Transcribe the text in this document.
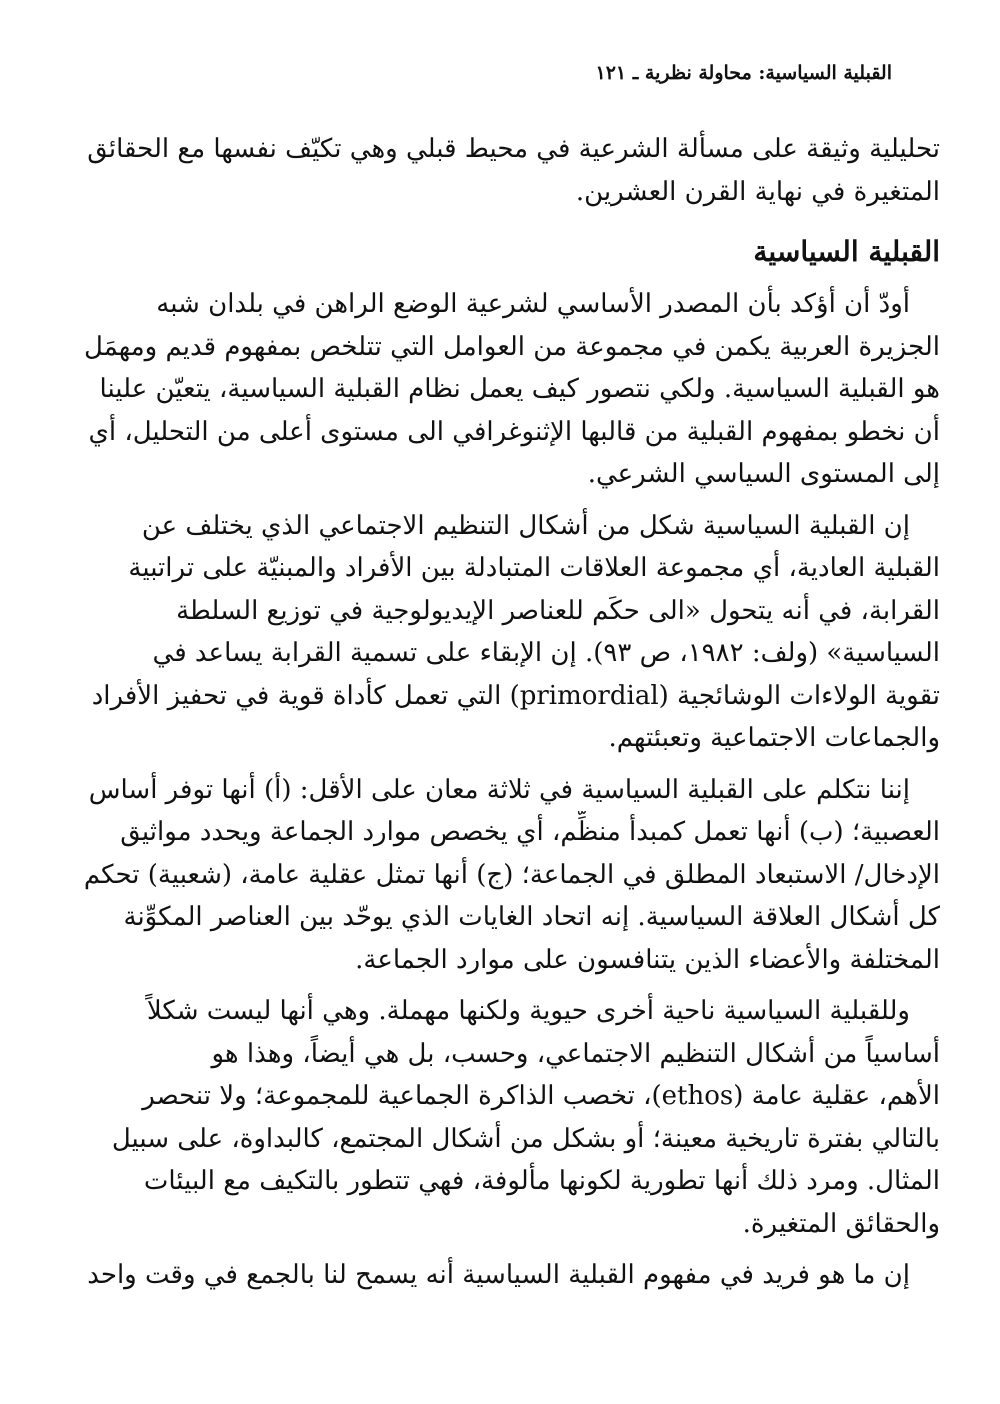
القبلية السياسية: محاولة نظرية ـ ١٢١

تحليلية وثيقة على مسألة الشرعية في محيط قبلي وهي تكيّف نفسها مع الحقائق
المتغيرة في نهاية القرن العشرين.

القبلية السياسية

أودّ أن أؤكد بأن المصدر الأساسي لشرعية الوضع الراهن في بلدان شبه
الجزيرة العربية يكمن في مجموعة من العوامل التي تتلخص بمفهوم قديم ومهمَل
هو القبلية السياسية. ولكي نتصور كيف يعمل نظام القبلية السياسية، يتعيّن علينا
أن نخطو بمفهوم القبلية من قالبها الإثنوغرافي الى مستوى أعلى من التحليل، أي
إلى المستوى السياسي الشرعي.

إن القبلية السياسية شكل من أشكال التنظيم الاجتماعي الذي يختلف عن
القبلية العادية، أي مجموعة العلاقات المتبادلة بين الأفراد والمبنيّة على تراتبية
القرابة، في أنه يتحول «الى حكَم للعناصر الإيديولوجية في توزيع السلطة
السياسية» (ولف: ١٩٨٢، ص ٩٣). إن الإبقاء على تسمية القرابة يساعد في
تقوية الولاءات الوشائجية (primordial) التي تعمل كأداة قوية في تحفيز الأفراد
والجماعات الاجتماعية وتعبئتهم.

إننا نتكلم على القبلية السياسية في ثلاثة معان على الأقل: (أ) أنها توفر أساس
العصبية؛ (ب) أنها تعمل كمبدأ منظِّم، أي يخصص موارد الجماعة ويحدد مواثيق
الإدخال/ الاستبعاد المطلق في الجماعة؛ (ج) أنها تمثل عقلية عامة، (شعبية) تحكم
كل أشكال العلاقة السياسية. إنه اتحاد الغايات الذي يوحّد بين العناصر المكوِّنة
المختلفة والأعضاء الذين يتنافسون على موارد الجماعة.

وللقبلية السياسية ناحية أخرى حيوية ولكنها مهملة. وهي أنها ليست شكلاً
أساسياً من أشكال التنظيم الاجتماعي، وحسب، بل هي أيضاً، وهذا هو
الأهم، عقلية عامة (ethos)، تخصب الذاكرة الجماعية للمجموعة؛ ولا تنحصر
بالتالي بفترة تاريخية معينة؛ أو بشكل من أشكال المجتمع، كالبداوة، على سبيل
المثال. ومرد ذلك أنها تطورية لكونها مألوفة، فهي تتطور بالتكيف مع البيئات
والحقائق المتغيرة.

إن ما هو فريد في مفهوم القبلية السياسية أنه يسمح لنا بالجمع في وقت واحد
